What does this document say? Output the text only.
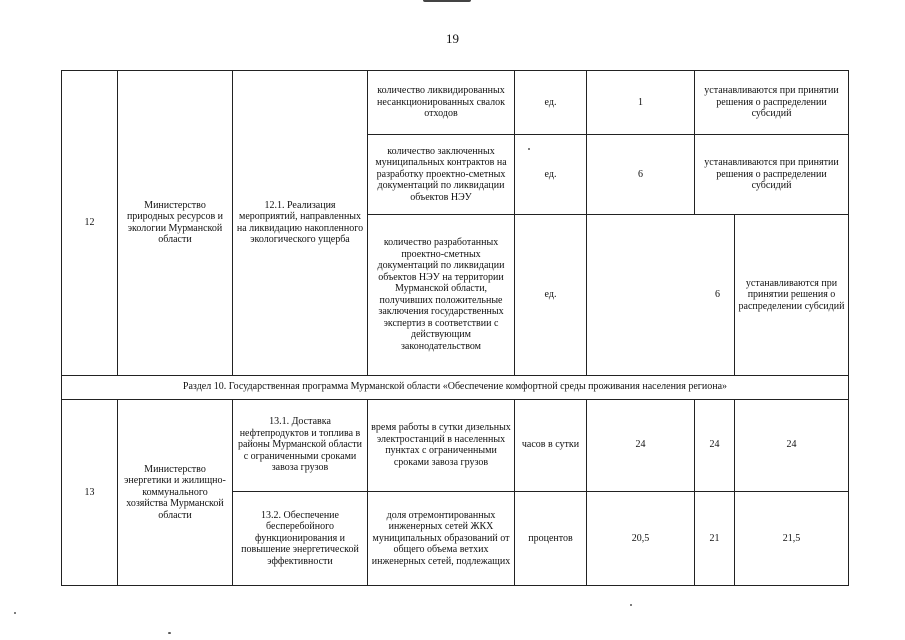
19
12	Министерство природных ресурсов и экологии Мурманской области	12.1. Реализация мероприятий, направленных на ликвидацию накопленного экологического ущерба	количество ликвидированных несанкционированных свалок отходов	ед.	1	устанавливаются при принятии решения о распределении субсидий	
			количество заключенных муниципальных контрактов на разработку проектно-сметных документаций по ликвидации объектов НЭУ	ед.	6	устанавливаются при принятии решения о распределении субсидий	
			количество разработанных проектно-сметных документаций по ликвидации объектов НЭУ на территории Мурманской области, получивших положительные заключения государственных экспертиз в соответствии с действующим законодательством	ед.	6		устанавливаются при принятии решения о распределении субсидий
Раздел 10. Государственная программа Мурманской области «Обеспечение комфортной среды проживания населения региона»							
13	Министерство энергетики и жилищно-коммунального хозяйства Мурманской области	13.1. Доставка нефтепродуктов и топлива в районы Мурманской области с ограниченными сроками завоза грузов	время работы в сутки дизельных электростанций в населенных пунктах с ограниченными сроками завоза грузов	часов в сутки	24	24	24
		13.2. Обеспечение бесперебойного функционирования и повышение энергетической эффективности	доля отремонтированных инженерных сетей ЖКХ муниципальных образований от общего объема ветхих инженерных сетей, подлежащих	процентов	20,5	21	21,5
